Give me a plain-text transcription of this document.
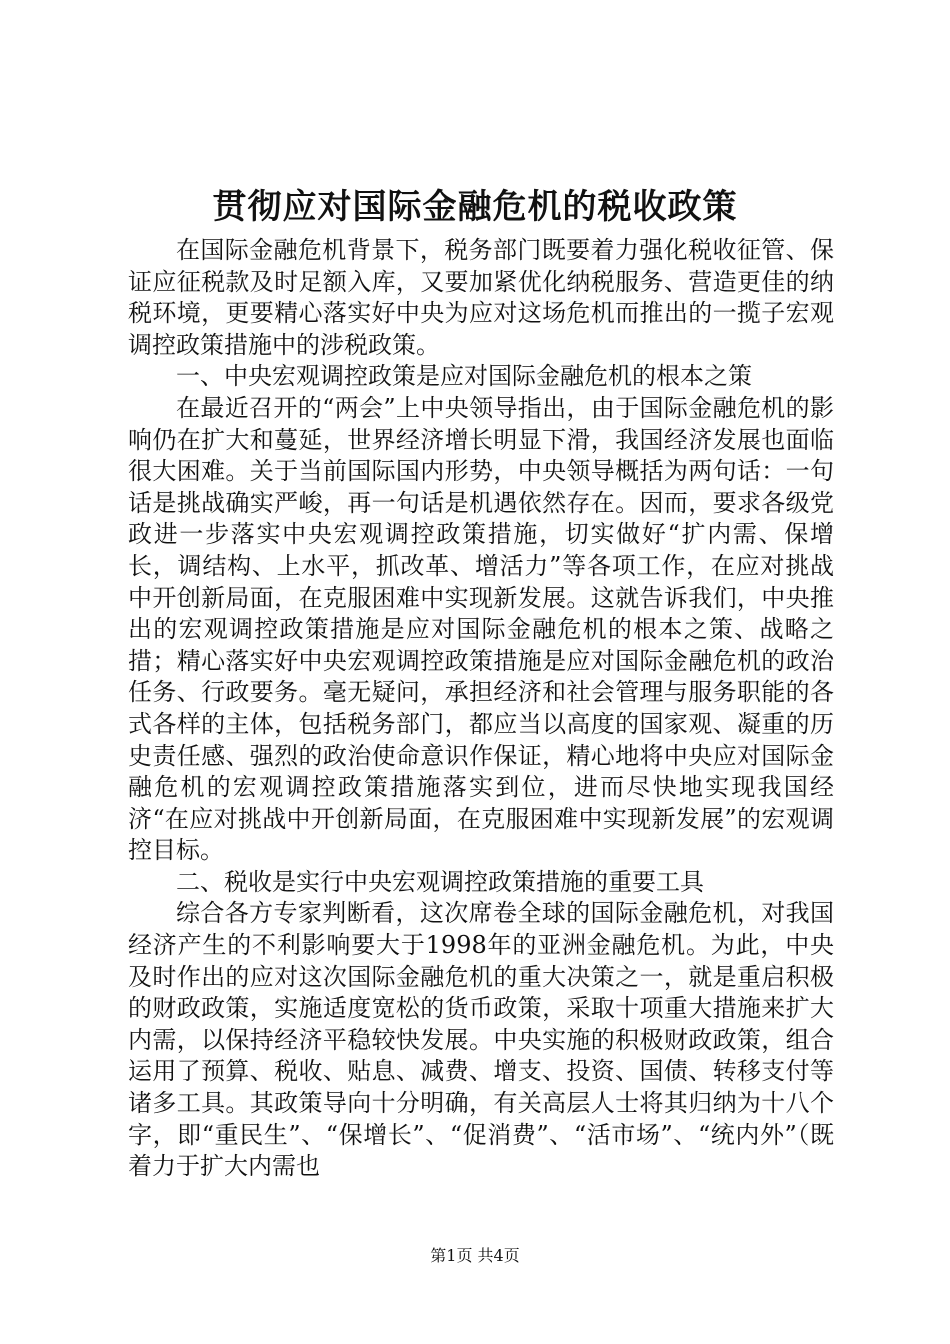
贯彻应对国际金融危机的税收政策

在国际金融危机背景下，税务部门既要着力强化税收征管、保证应征税款及时足额入库，又要加紧优化纳税服务、营造更佳的纳税环境，更要精心落实好中央为应对这场危机而推出的一揽子宏观调控政策措施中的涉税政策。

一、中央宏观调控政策是应对国际金融危机的根本之策

在最近召开的“两会”上中央领导指出，由于国际金融危机的影响仍在扩大和蔓延，世界经济增长明显下滑，我国经济发展也面临很大困难。关于当前国际国内形势，中央领导概括为两句话：一句话是挑战确实严峻，再一句话是机遇依然存在。因而，要求各级党政进一步落实中央宏观调控政策措施，切实做好“扩内需、保增长，调结构、上水平，抓改革、增活力”等各项工作，在应对挑战中开创新局面，在克服困难中实现新发展。这就告诉我们，中央推出的宏观调控政策措施是应对国际金融危机的根本之策、战略之措；精心落实好中央宏观调控政策措施是应对国际金融危机的政治任务、行政要务。毫无疑问，承担经济和社会管理与服务职能的各式各样的主体，包括税务部门，都应当以高度的国家观、凝重的历史责任感、强烈的政治使命意识作保证，精心地将中央应对国际金融危机的宏观调控政策措施落实到位，进而尽快地实现我国经济“在应对挑战中开创新局面，在克服困难中实现新发展”的宏观调控目标。

二、税收是实行中央宏观调控政策措施的重要工具

综合各方专家判断看，这次席卷全球的国际金融危机，对我国经济产生的不利影响要大于1998年的亚洲金融危机。为此，中央及时作出的应对这次国际金融危机的重大决策之一，就是重启积极的财政政策，实施适度宽松的货币政策，采取十项重大措施来扩大内需，以保持经济平稳较快发展。中央实施的积极财政政策，组合运用了预算、税收、贴息、减费、增支、投资、国债、转移支付等诸多工具。其政策导向十分明确，有关高层人士将其归纳为十八个字，即“重民生”、“保增长”、“促消费”、“活市场”、“统内外”（既着力于扩大内需也

第1页 共4页
